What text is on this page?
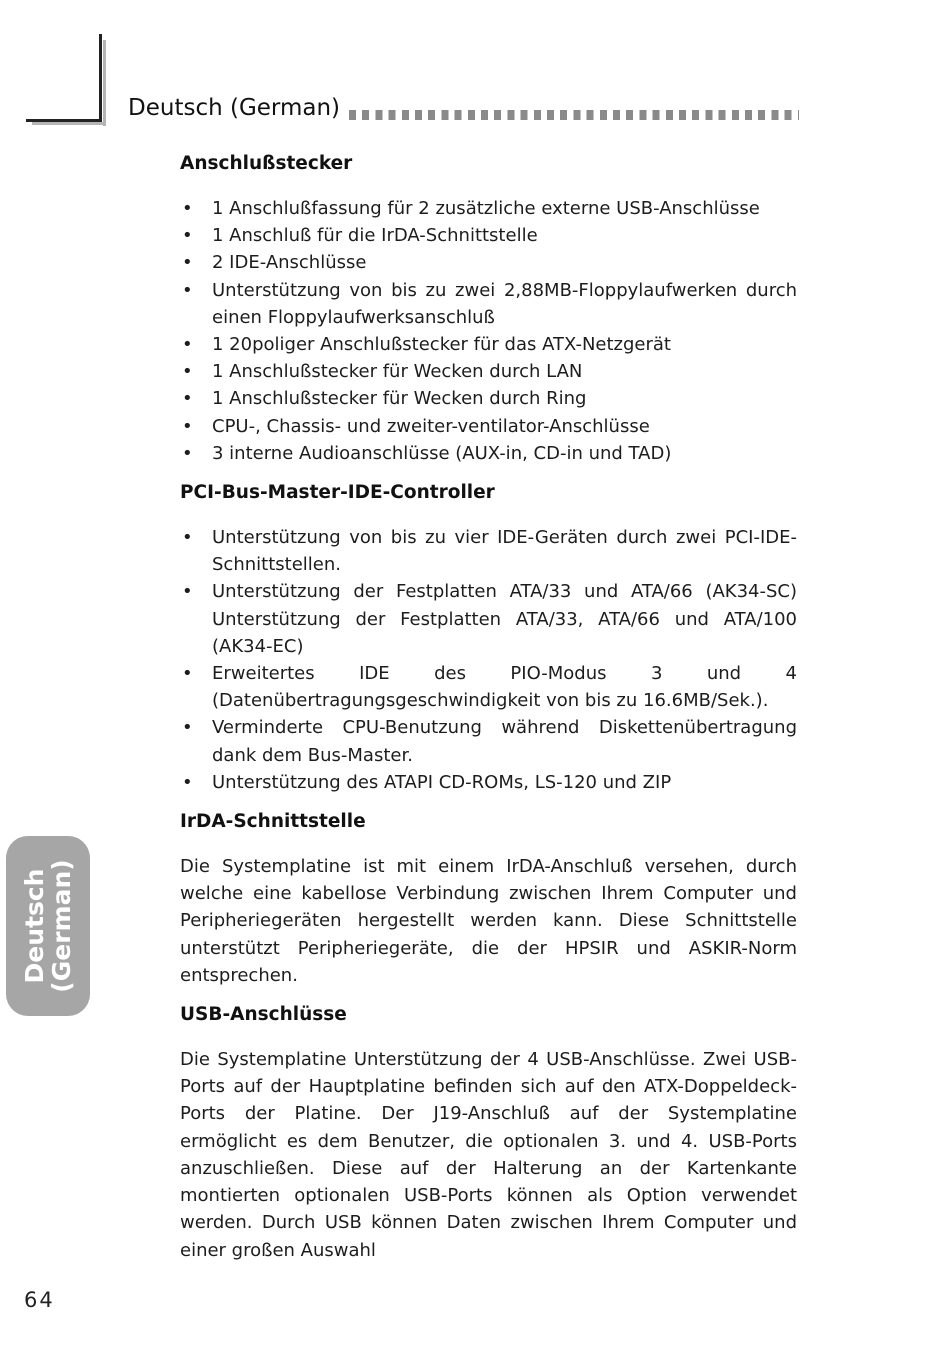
Deutsch (German)
Anschlußstecker
• 1 Anschlußfassung für 2 zusätzliche externe USB-Anschlüsse
• 1 Anschluß für die IrDA-Schnittstelle
• 2 IDE-Anschlüsse
• Unterstützung von bis zu zwei 2,88MB-Floppylaufwerken durch einen Floppylaufwerksanschluß
• 1 20poliger Anschlußstecker für das ATX-Netzgerät
• 1 Anschlußstecker für Wecken durch LAN
• 1 Anschlußstecker für Wecken durch Ring
• CPU-, Chassis- und zweiter-ventilator-Anschlüsse
• 3 interne Audioanschlüsse (AUX-in, CD-in und TAD)
PCI-Bus-Master-IDE-Controller
• Unterstützung von bis zu vier IDE-Geräten durch zwei PCI-IDE-Schnittstellen.
• Unterstützung der Festplatten ATA/33 und ATA/66 (AK34-SC) Unterstützung der Festplatten ATA/33, ATA/66 und ATA/100 (AK34-EC)
• Erweitertes IDE des PIO-Modus 3 und 4 (Datenübertragungsgeschwindigkeit von bis zu 16.6MB/Sek.).
• Verminderte CPU-Benutzung während Diskettenübertragung dank dem Bus-Master.
• Unterstützung des ATAPI CD-ROMs, LS-120 und ZIP
IrDA-Schnittstelle

Die Systemplatine ist mit einem IrDA-Anschluß versehen, durch welche eine kabellose Verbindung zwischen Ihrem Computer und Peripheriegeräten hergestellt werden kann. Diese Schnittstelle unterstützt Peripheriegeräte, die der HPSIR und ASKIR-Norm entsprechen.

USB-Anschlüsse

Die Systemplatine Unterstützung der 4 USB-Anschlüsse. Zwei USB-Ports auf der Hauptplatine befinden sich auf den ATX-Doppeldeck-Ports der Platine. Der J19-Anschluß auf der Systemplatine ermöglicht es dem Benutzer, die optionalen 3. und 4. USB-Ports anzuschließen. Diese auf der Halterung an der Kartenkante montierten optionalen USB-Ports können als Option verwendet werden. Durch USB können Daten zwischen Ihrem Computer und einer großen Auswahl

Deutsch
(German)
64
